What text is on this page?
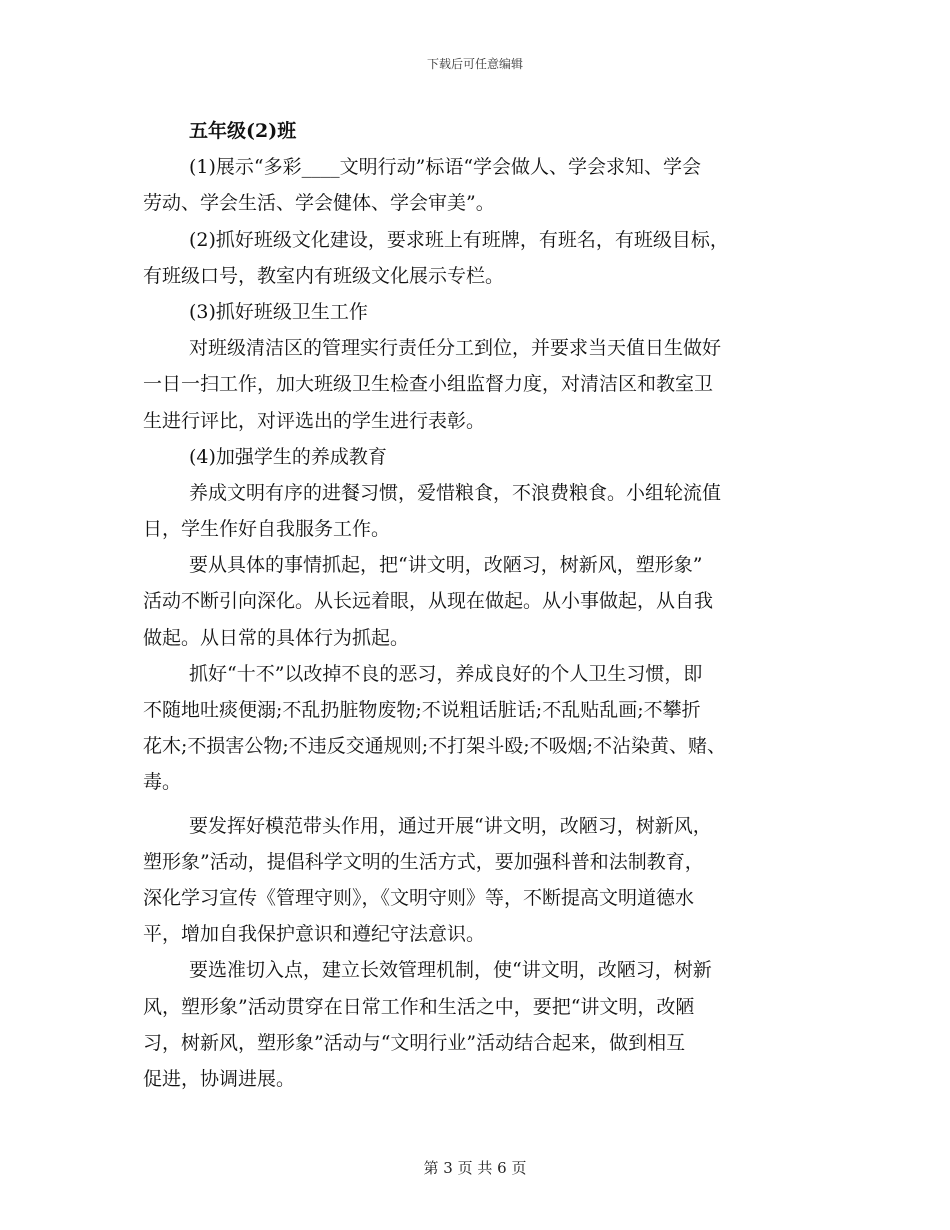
下载后可任意编辑
五年级(2)班
(1)展示“多彩____文明行动”标语“学会做人、学会求知、学会
劳动、学会生活、学会健体、学会审美”。
(2)抓好班级文化建设，要求班上有班牌，有班名，有班级目标，
有班级口号，教室内有班级文化展示专栏。
(3)抓好班级卫生工作
对班级清洁区的管理实行责任分工到位，并要求当天值日生做好
一日一扫工作，加大班级卫生检查小组监督力度，对清洁区和教室卫
生进行评比，对评选出的学生进行表彰。
(4)加强学生的养成教育
养成文明有序的进餐习惯，爱惜粮食，不浪费粮食。小组轮流值
日，学生作好自我服务工作。
要从具体的事情抓起，把“讲文明，改陋习，树新风，塑形象”
活动不断引向深化。从长远着眼，从现在做起。从小事做起，从自我
做起。从日常的具体行为抓起。
抓好“十不”以改掉不良的恶习，养成良好的个人卫生习惯，即
不随地吐痰便溺;不乱扔脏物废物;不说粗话脏话;不乱贴乱画;不攀折
花木;不损害公物;不违反交通规则;不打架斗殴;不吸烟;不沾染黄、赌、
毒。
要发挥好模范带头作用，通过开展“讲文明，改陋习，树新风，
塑形象”活动，提倡科学文明的生活方式，要加强科普和法制教育，
深化学习宣传《管理守则》，《文明守则》等，不断提高文明道德水
平，增加自我保护意识和遵纪守法意识。
要选准切入点，建立长效管理机制，使“讲文明，改陋习，树新
风，塑形象”活动贯穿在日常工作和生活之中，要把“讲文明，改陋
习，树新风，塑形象”活动与“文明行业”活动结合起来，做到相互
促进，协调进展。
第 3 页 共 6 页
